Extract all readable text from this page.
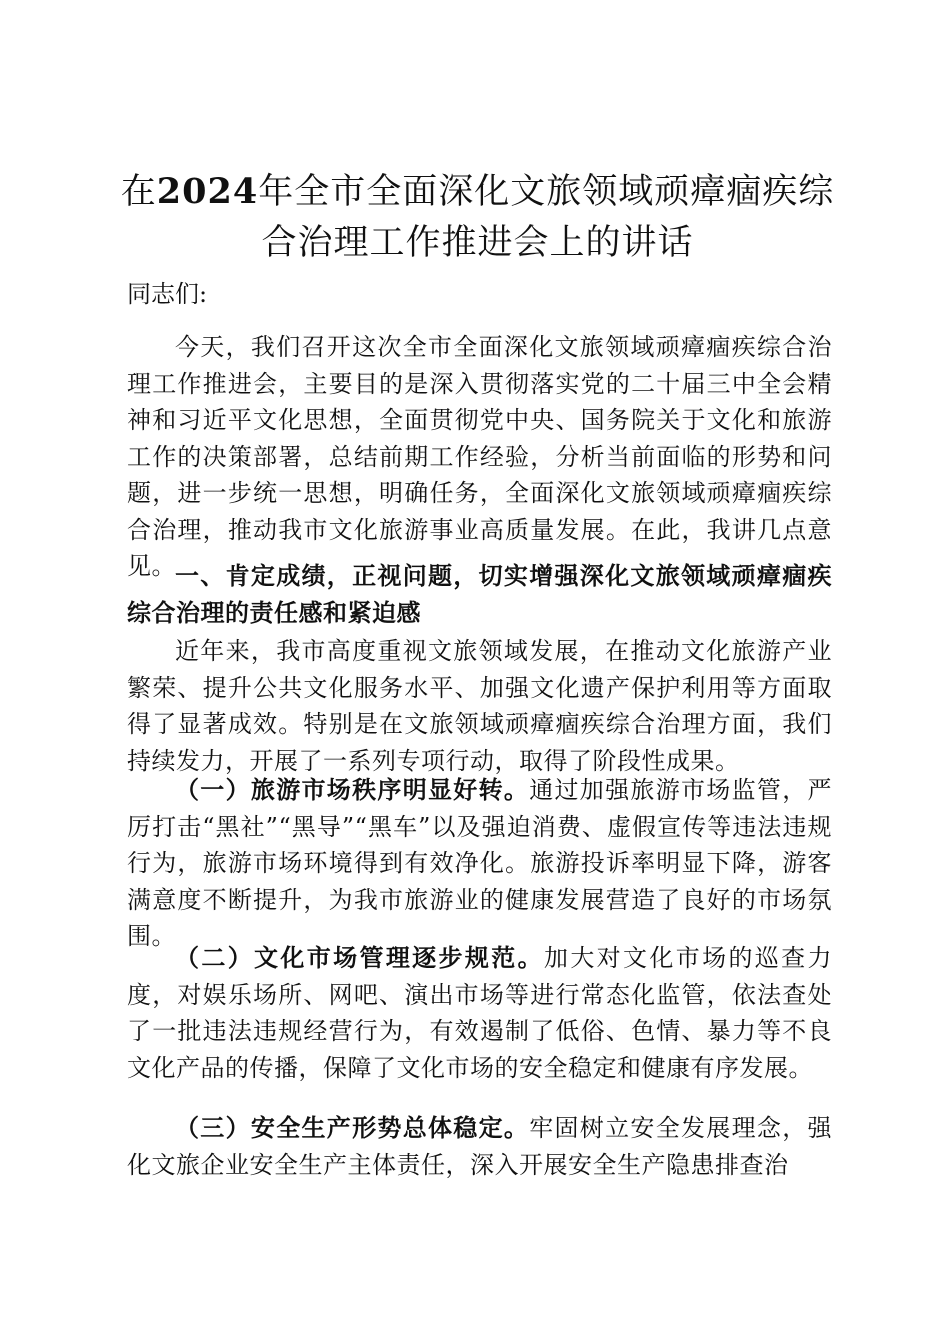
在2024年全市全面深化文旅领域顽瘴痼疾综合治理工作推进会上的讲话
同志们:
今天，我们召开这次全市全面深化文旅领域顽瘴痼疾综合治理工作推进会，主要目的是深入贯彻落实党的二十届三中全会精神和习近平文化思想，全面贯彻党中央、国务院关于文化和旅游工作的决策部署，总结前期工作经验，分析当前面临的形势和问题，进一步统一思想，明确任务，全面深化文旅领域顽瘴痼疾综合治理，推动我市文化旅游事业高质量发展。在此，我讲几点意见。 一、肯定成绩，正视问题，切实增强深化文旅领域顽瘴痼疾综合治理的责任感和紧迫感
近年来，我市高度重视文旅领域发展，在推动文化旅游产业繁荣、提升公共文化服务水平、加强文化遗产保护利用等方面取得了显著成效。特别是在文旅领域顽瘴痼疾综合治理方面，我们持续发力，开展了一系列专项行动，取得了阶段性成果。
（一）旅游市场秩序明显好转。通过加强旅游市场监管，严厉打击“黑社”“黑导”“黑车”以及强迫消费、虚假宣传等违法违规行为，旅游市场环境得到有效净化。旅游投诉率明显下降，游客满意度不断提升，为我市旅游业的健康发展营造了良好的市场氛围。
（二）文化市场管理逐步规范。加大对文化市场的巡查力度，对娱乐场所、网吧、演出市场等进行常态化监管，依法查处了一批违法违规经营行为，有效遏制了低俗、色情、暴力等不良文化产品的传播，保障了文化市场的安全稳定和健康有序发展。
（三）安全生产形势总体稳定。牢固树立安全发展理念，强化文旅企业安全生产主体责任，深入开展安全生产隐患排查治
